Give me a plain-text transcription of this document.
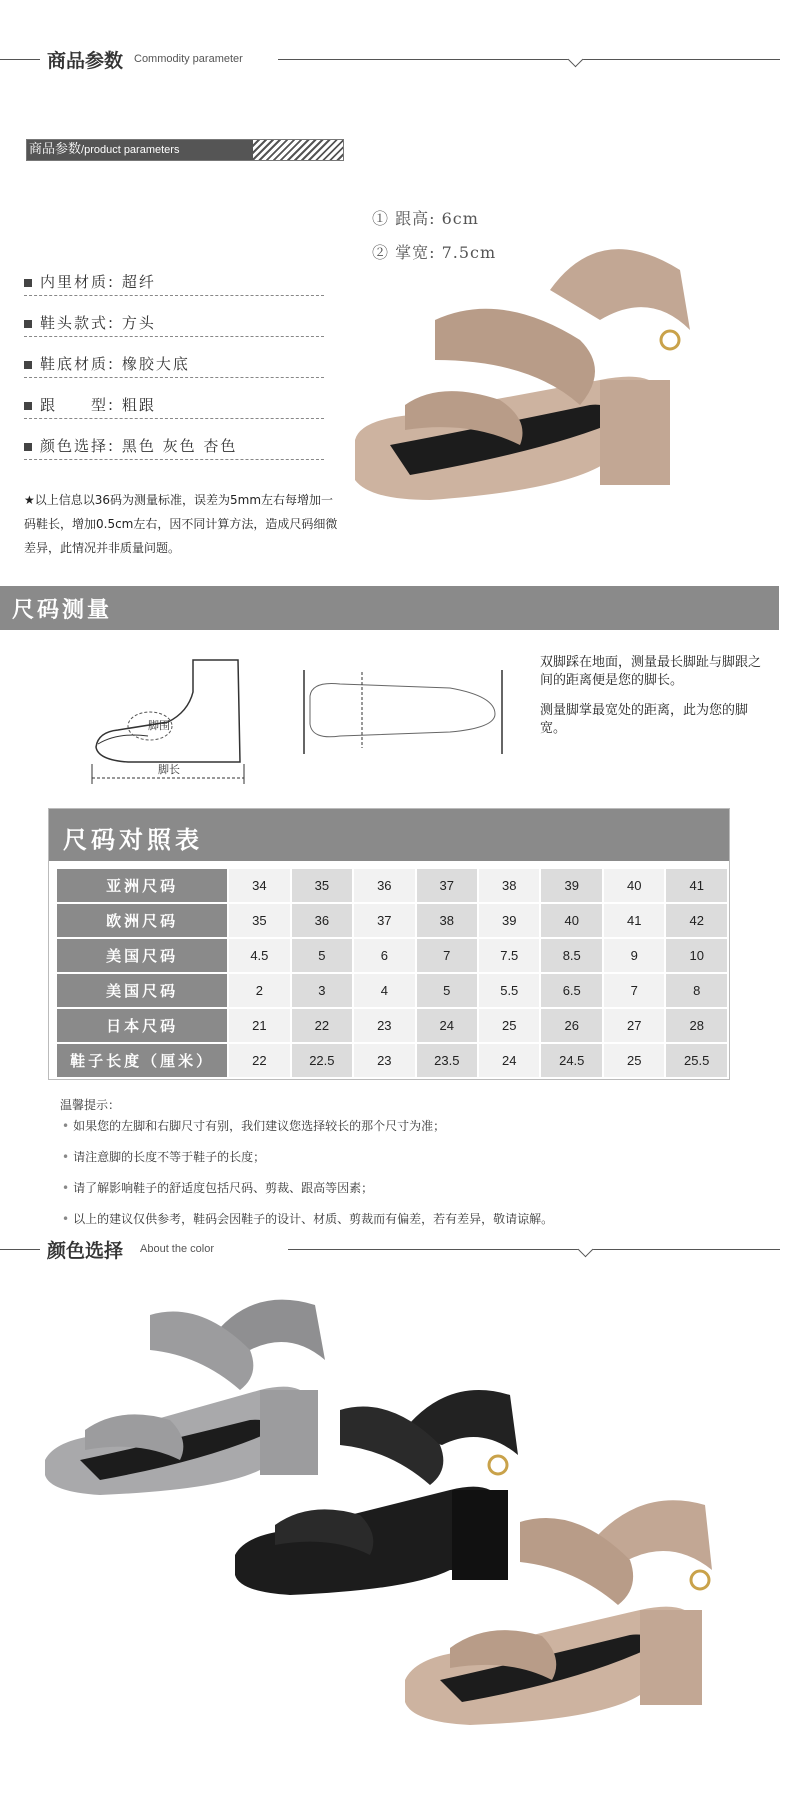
商品参数 Commodity parameter
商品参数/product parameters
① 跟高: 6cm
② 掌宽: 7.5cm
内里材质: 超纤
鞋头款式: 方头
鞋底材质: 橡胶大底
跟　　型: 粗跟
颜色选择: 黑色 灰色 杏色
★以上信息以36码为测量标准，误差为5mm左右每增加一码鞋长，增加0.5cm左右，因不同计算方法，造成尺码细微差异，此情况并非质量问题。
尺码测量
脚围
脚长
双脚踩在地面，测量最长脚趾与脚跟之间的距离便是您的脚长。
测量脚掌最宽处的距离，此为您的脚宽。
尺码对照表
亚洲尺码	34	35	36	37	38	39	40	41
欧洲尺码	35	36	37	38	39	40	41	42
美国尺码	4.5	5	6	7	7.5	8.5	9	10
美国尺码	2	3	4	5	5.5	6.5	7	8
日本尺码	21	22	23	24	25	26	27	28
鞋子长度（厘米）	22	22.5	23	23.5	24	24.5	25	25.5
温馨提示：
• 如果您的左脚和右脚尺寸有别，我们建议您选择较长的那个尺寸为准；
• 请注意脚的长度不等于鞋子的长度；
• 请了解影响鞋子的舒适度包括尺码、剪裁、跟高等因素；
• 以上的建议仅供参考，鞋码会因鞋子的设计、材质、剪裁而有偏差，若有差异，敬请谅解。
颜色选择 About the color
